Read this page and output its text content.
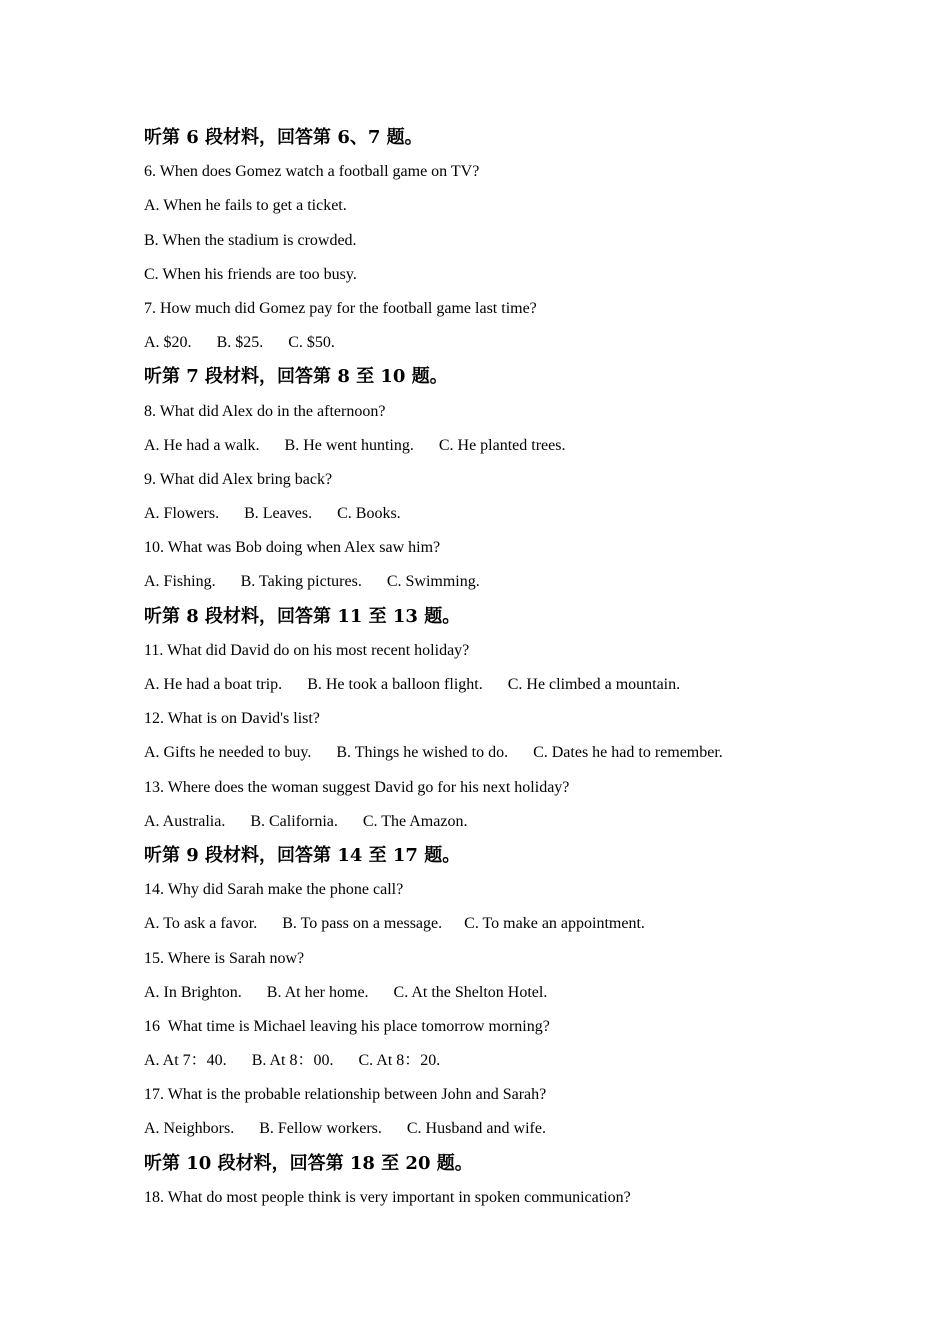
听第 6 段材料，回答第 6、7 题。
6. When does Gomez watch a football game on TV?
A. When he fails to get a ticket.
B. When the stadium is crowded.
C. When his friends are too busy.
7. How much did Gomez pay for the football game last time?
A. $20. B. $25. C. $50.
听第 7 段材料，回答第 8 至 10 题。
8. What did Alex do in the afternoon?
A. He had a walk. B. He went hunting. C. He planted trees.
9. What did Alex bring back?
A. Flowers. B. Leaves. C. Books.
10. What was Bob doing when Alex saw him?
A. Fishing. B. Taking pictures. C. Swimming.
听第 8 段材料，回答第 11 至 13 题。
11. What did David do on his most recent holiday?
A. He had a boat trip. B. He took a balloon flight. C. He climbed a mountain.
12. What is on David's list?
A. Gifts he needed to buy. B. Things he wished to do. C. Dates he had to remember.
13. Where does the woman suggest David go for his next holiday?
A. Australia. B. California. C. The Amazon.
听第 9 段材料，回答第 14 至 17 题。
14. Why did Sarah make the phone call?
A. To ask a favor. B. To pass on a message. C. To make an appointment.
15. Where is Sarah now?
A. In Brighton. B. At her home. C. At the Shelton Hotel.
16  What time is Michael leaving his place tomorrow morning?
A. At 7：40. B. At 8：00. C. At 8：20.
17. What is the probable relationship between John and Sarah?
A. Neighbors. B. Fellow workers. C. Husband and wife.
听第 10 段材料，回答第 18 至 20 题。
18. What do most people think is very important in spoken communication?
